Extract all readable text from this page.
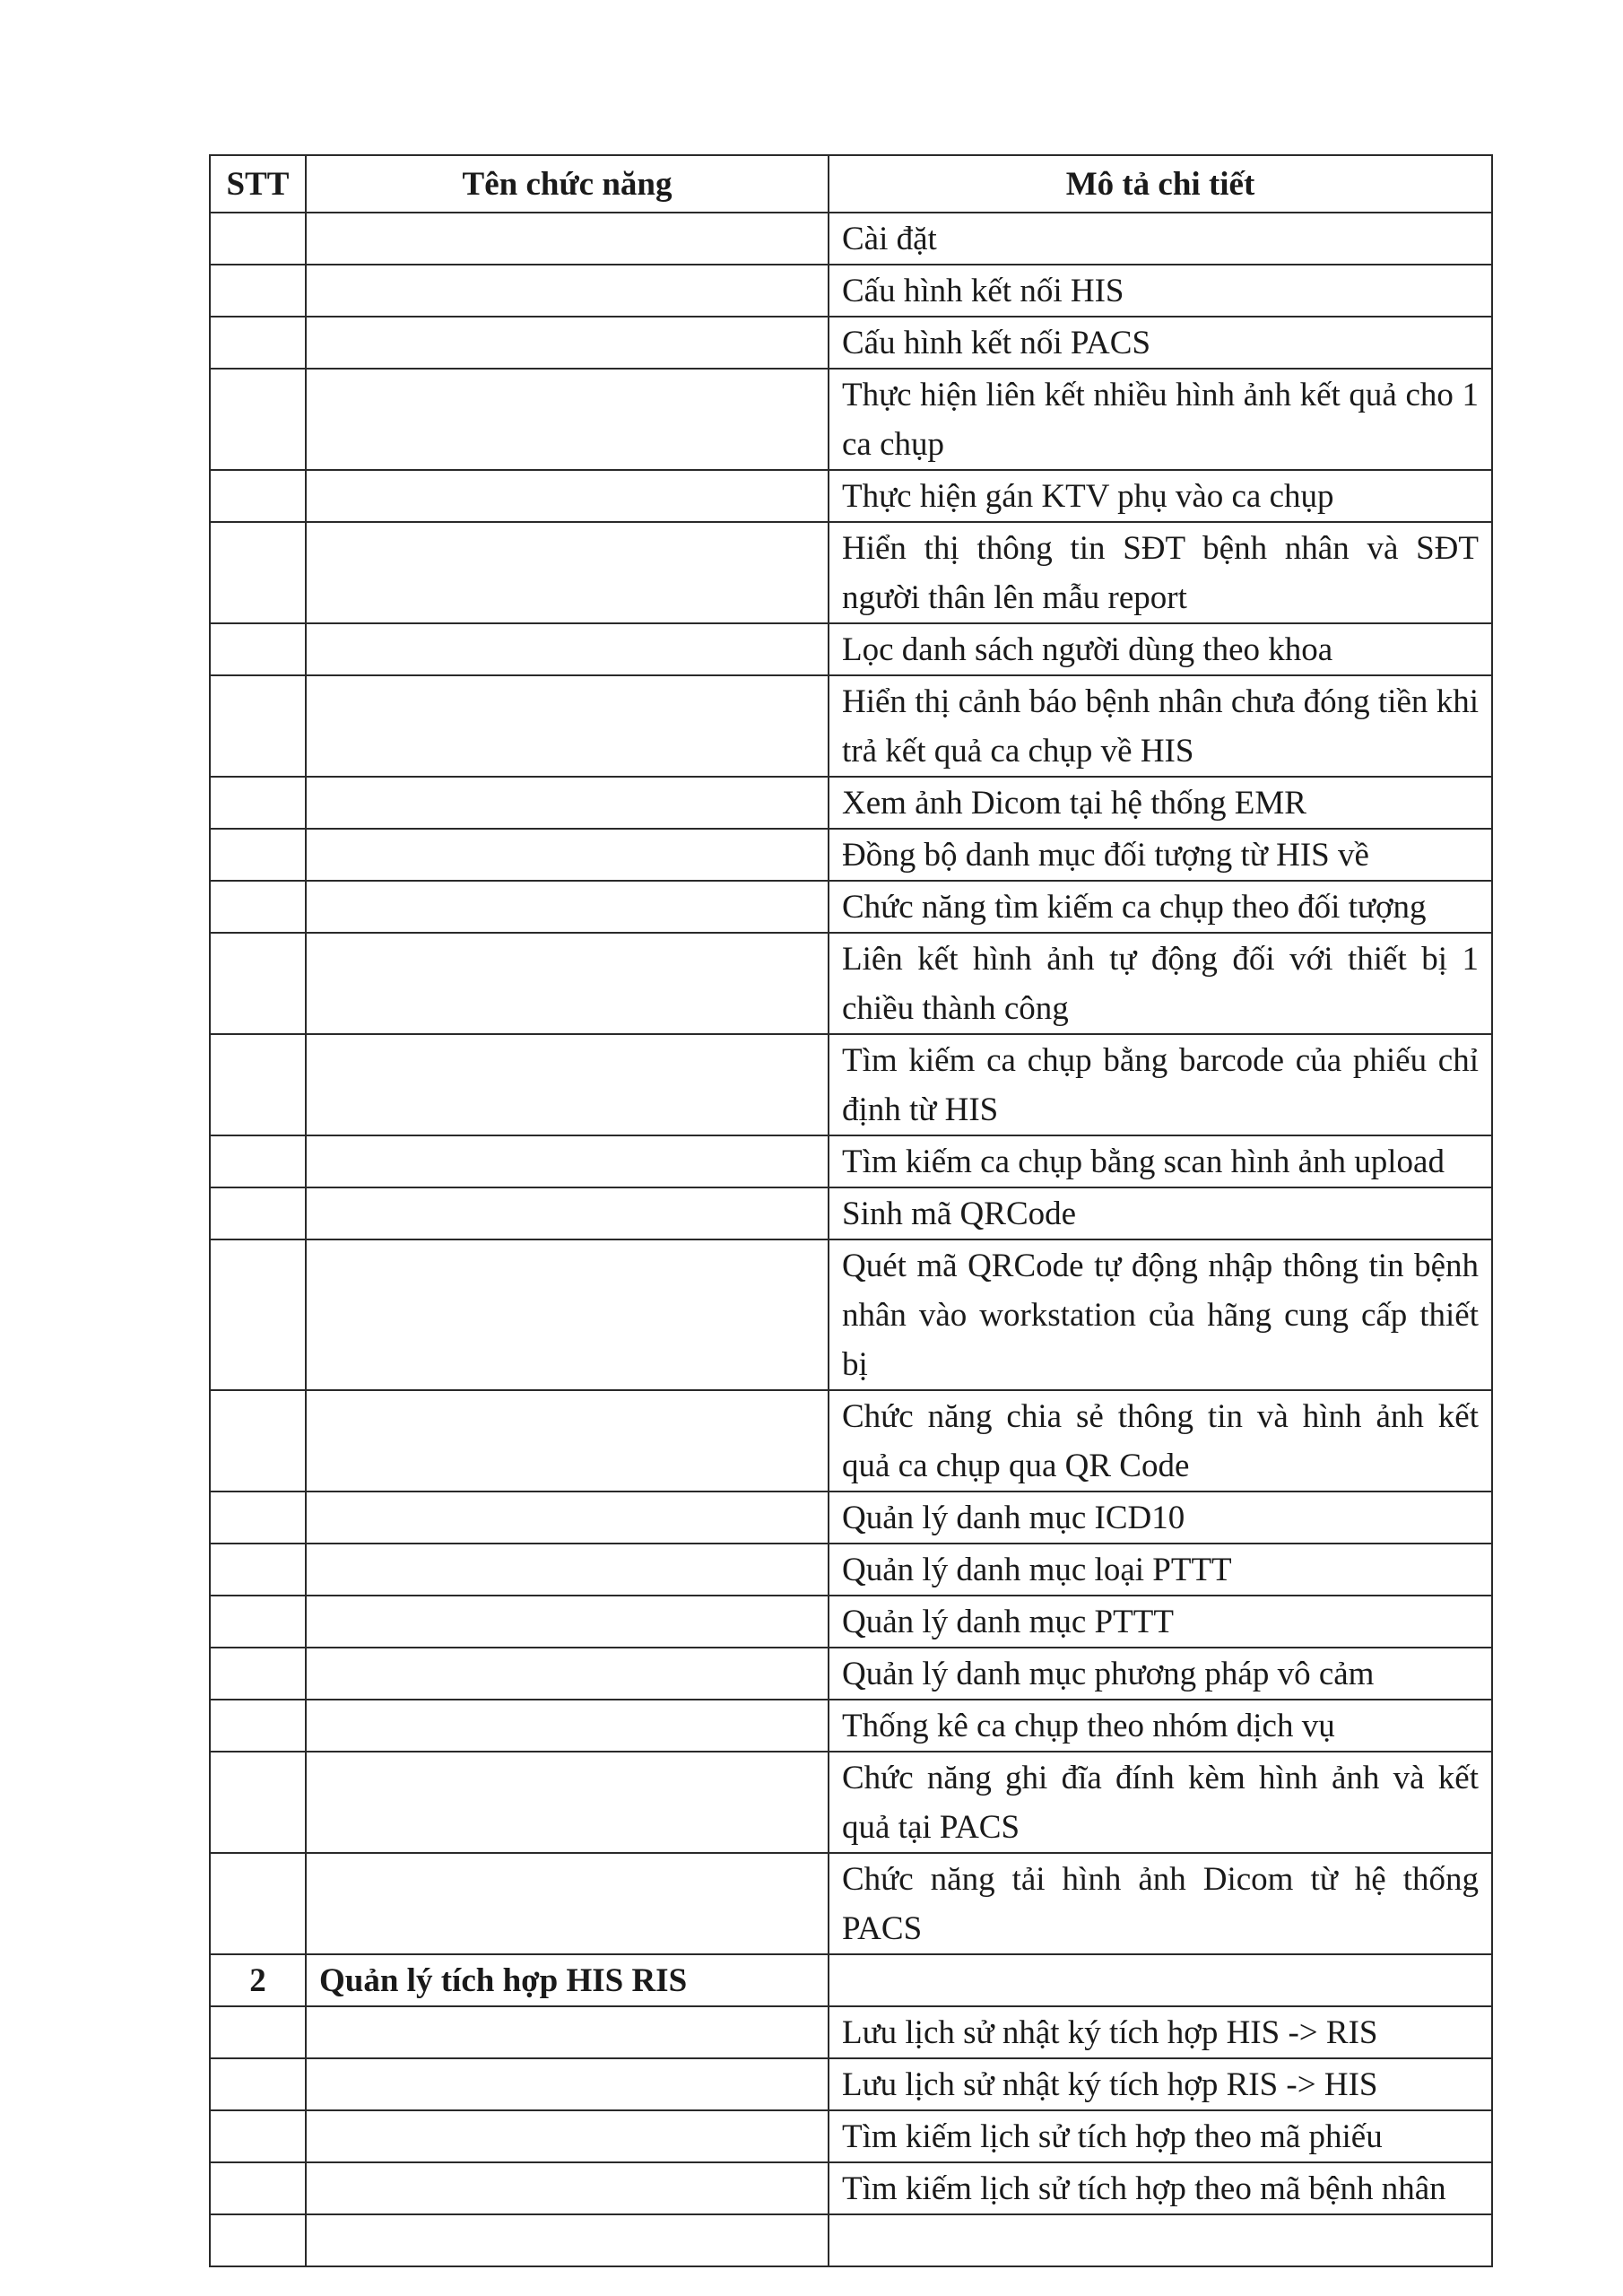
STT	Tên chức năng	Mô tả chi tiết
		Cài đặt
		Cấu hình kết nối HIS
		Cấu hình kết nối PACS
		Thực hiện liên kết nhiều hình ảnh kết quả cho 1 ca chụp
		Thực hiện gán KTV phụ vào ca chụp
		Hiển thị thông tin SĐT bệnh nhân và SĐT người thân lên mẫu report
		Lọc danh sách người dùng theo khoa
		Hiển thị cảnh báo bệnh nhân chưa đóng tiền khi trả kết quả ca chụp về HIS
		Xem ảnh Dicom tại hệ thống EMR
		Đồng bộ danh mục đối tượng từ HIS về
		Chức năng tìm kiếm ca chụp theo đối tượng
		Liên kết hình ảnh tự động đối với thiết bị 1 chiều thành công
		Tìm kiếm ca chụp bằng barcode của phiếu chỉ định từ HIS
		Tìm kiếm ca chụp bằng scan hình ảnh upload
		Sinh mã QRCode
		Quét mã QRCode tự động nhập thông tin bệnh nhân vào workstation của hãng cung cấp thiết bị
		Chức năng chia sẻ thông tin và hình ảnh kết quả ca chụp qua QR Code
		Quản lý danh mục ICD10
		Quản lý danh mục loại PTTT
		Quản lý danh mục PTTT
		Quản lý danh mục phương pháp vô cảm
		Thống kê ca chụp theo nhóm dịch vụ
		Chức năng ghi đĩa đính kèm hình ảnh và kết quả tại PACS
		Chức năng tải hình ảnh Dicom từ hệ thống PACS
2	Quản lý tích hợp HIS RIS	
		Lưu lịch sử nhật ký tích hợp HIS -> RIS
		Lưu lịch sử nhật ký tích hợp RIS -> HIS
		Tìm kiếm lịch sử tích hợp theo mã phiếu
		Tìm kiếm lịch sử tích hợp theo mã bệnh nhân
